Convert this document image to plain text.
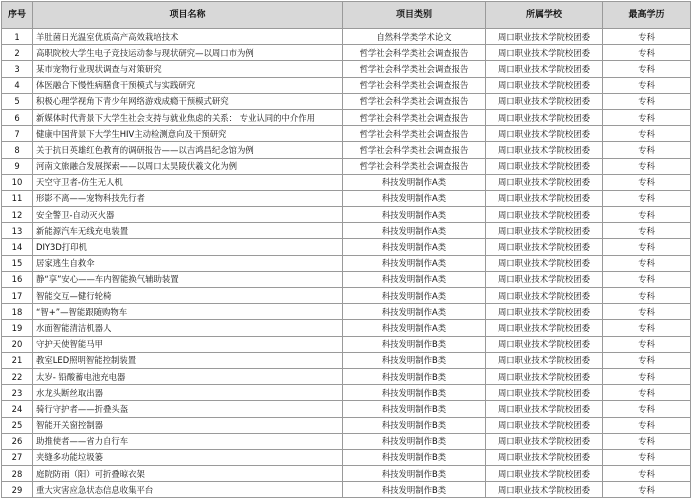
序号	项目名称	项目类别	所属学校	最高学历
1	羊肚菌日光温室优质高产高效栽培技术	自然科学类学术论文	周口职业技术学院校团委	专科
2	高职院校大学生电子竞技运动参与现状研究—以周口市为例	哲学社会科学类社会调查报告	周口职业技术学院校团委	专科
3	某市宠物行业现状调查与对策研究	哲学社会科学类社会调查报告	周口职业技术学院校团委	专科
4	体医融合下慢性病膳食干预模式与实践研究	哲学社会科学类社会调查报告	周口职业技术学院校团委	专科
5	积极心理学视角下青少年网络游戏成瘾干预模式研究	哲学社会科学类社会调查报告	周口职业技术学院校团委	专科
6	新媒体时代背景下大学生社会支持与就业焦虑的关系： 专业认同的中介作用	哲学社会科学类社会调查报告	周口职业技术学院校团委	专科
7	健康中国背景下大学生HIV主动检测意向及干预研究	哲学社会科学类社会调查报告	周口职业技术学院校团委	专科
8	关于抗日英雄红色教育的调研报告——以吉鸿昌纪念馆为例	哲学社会科学类社会调查报告	周口职业技术学院校团委	专科
9	河南文旅融合发展探索——以周口太昊陵伏羲文化为例	哲学社会科学类社会调查报告	周口职业技术学院校团委	专科
10	天空守卫者-仿生无人机	科技发明制作A类	周口职业技术学院校团委	专科
11	形影不离——宠物科技先行者	科技发明制作A类	周口职业技术学院校团委	专科
12	安全警卫-自动灭火器	科技发明制作A类	周口职业技术学院校团委	专科
13	新能源汽车无线充电装置	科技发明制作A类	周口职业技术学院校团委	专科
14	DIY3D打印机	科技发明制作A类	周口职业技术学院校团委	专科
15	居家逃生自救伞	科技发明制作A类	周口职业技术学院校团委	专科
16	静“享”安心——车内智能换气辅助装置	科技发明制作A类	周口职业技术学院校团委	专科
17	智能交互—健行轮椅	科技发明制作A类	周口职业技术学院校团委	专科
18	“智+”—智能跟随购物车	科技发明制作A类	周口职业技术学院校团委	专科
19	水面智能清洁机器人	科技发明制作A类	周口职业技术学院校团委	专科
20	守护天使智能马甲	科技发明制作B类	周口职业技术学院校团委	专科
21	教室LED照明智能控制装置	科技发明制作B类	周口职业技术学院校团委	专科
22	太岁- 铅酸蓄电池充电器	科技发明制作B类	周口职业技术学院校团委	专科
23	水龙头断丝取出器	科技发明制作B类	周口职业技术学院校团委	专科
24	骑行守护者——折叠头盔	科技发明制作B类	周口职业技术学院校团委	专科
25	智能开关窗控制器	科技发明制作B类	周口职业技术学院校团委	专科
26	助推使者——省力自行车	科技发明制作B类	周口职业技术学院校团委	专科
27	夹缝多功能垃圾篓	科技发明制作B类	周口职业技术学院校团委	专科
28	庭院防雨（阳）可折叠晾衣架	科技发明制作B类	周口职业技术学院校团委	专科
29	重大灾害应急状态信息收集平台	科技发明制作B类	周口职业技术学院校团委	专科
